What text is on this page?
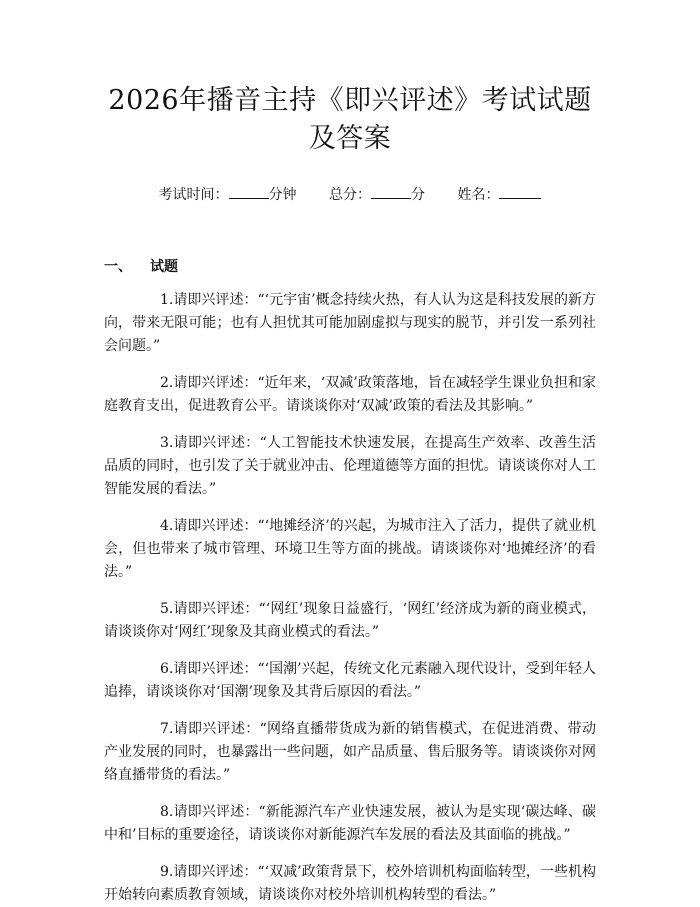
2026年播音主持《即兴评述》考试试题及答案
考试时间：	分钟 总分：	分 姓名：
一、 试题

1.请即兴评述：“‘元宇宙’概念持续火热，有人认为这是科技发展的新方向，带来无限可能；也有人担忧其可能加剧虚拟与现实的脱节，并引发一系列社会问题。”

2.请即兴评述：“近年来，‘双减’政策落地，旨在减轻学生课业负担和家庭教育支出，促进教育公平。请谈谈你对‘双减’政策的看法及其影响。”

3.请即兴评述：“人工智能技术快速发展，在提高生产效率、改善生活品质的同时，也引发了关于就业冲击、伦理道德等方面的担忧。请谈谈你对人工智能发展的看法。”

4.请即兴评述：“‘地摊经济’的兴起，为城市注入了活力，提供了就业机会，但也带来了城市管理、环境卫生等方面的挑战。请谈谈你对‘地摊经济’的看法。”

5.请即兴评述：“‘网红’现象日益盛行，‘网红’经济成为新的商业模式，请谈谈你对‘网红’现象及其商业模式的看法。”

6.请即兴评述：“‘国潮’兴起，传统文化元素融入现代设计，受到年轻人追捧，请谈谈你对‘国潮’现象及其背后原因的看法。”

7.请即兴评述：“网络直播带货成为新的销售模式，在促进消费、带动产业发展的同时，也暴露出一些问题，如产品质量、售后服务等。请谈谈你对网络直播带货的看法。”

8.请即兴评述：“新能源汽车产业快速发展，被认为是实现‘碳达峰、碳中和’目标的重要途径，请谈谈你对新能源汽车发展的看法及其面临的挑战。”

9.请即兴评述：“‘双减’政策背景下，校外培训机构面临转型，一些机构开始转向素质教育领域，请谈谈你对校外培训机构转型的看法。”
